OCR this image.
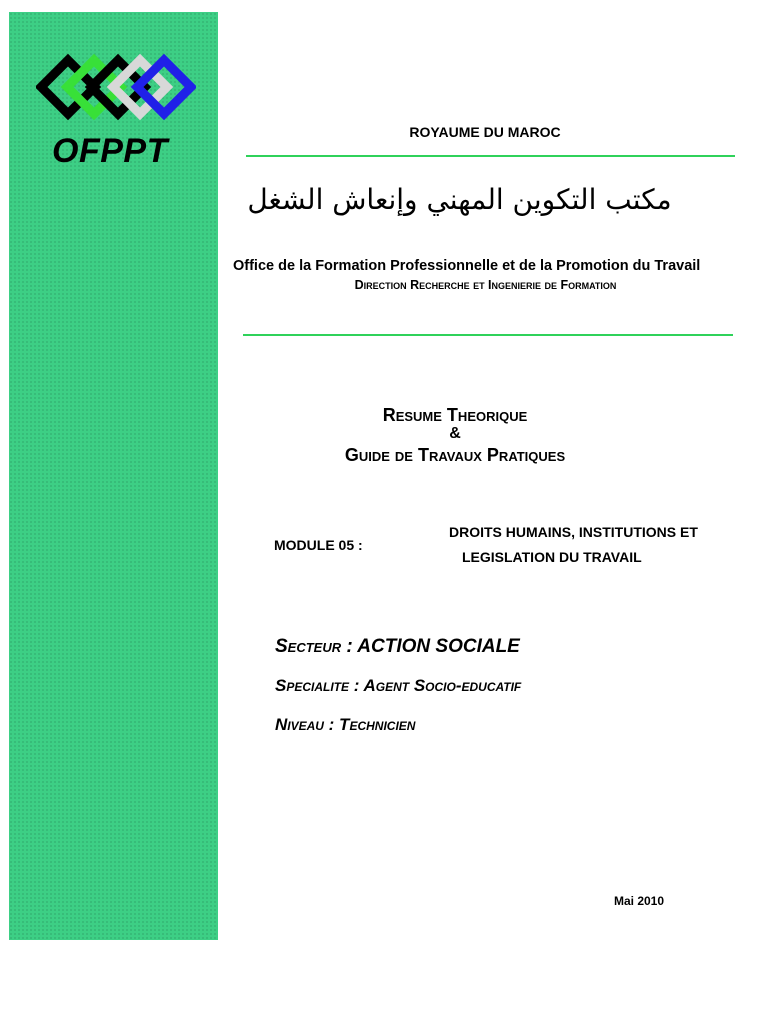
OFPPT	ROYAUME DU MAROC
مكتب التكوين المهني وإنعاش الشغل
Office de la Formation Professionnelle et de la Promotion du Travail
Direction Recherche et Ingenierie de Formation
Resume Theorique
&
Guide de Travaux Pratiques
MODULE 05 :
DROITS HUMAINS, INSTITUTIONS ET
LEGISLATION DU TRAVAIL
Secteur : ACTION SOCIALE
Specialite : Agent Socio-educatif
Niveau : Technicien
Mai 2010
